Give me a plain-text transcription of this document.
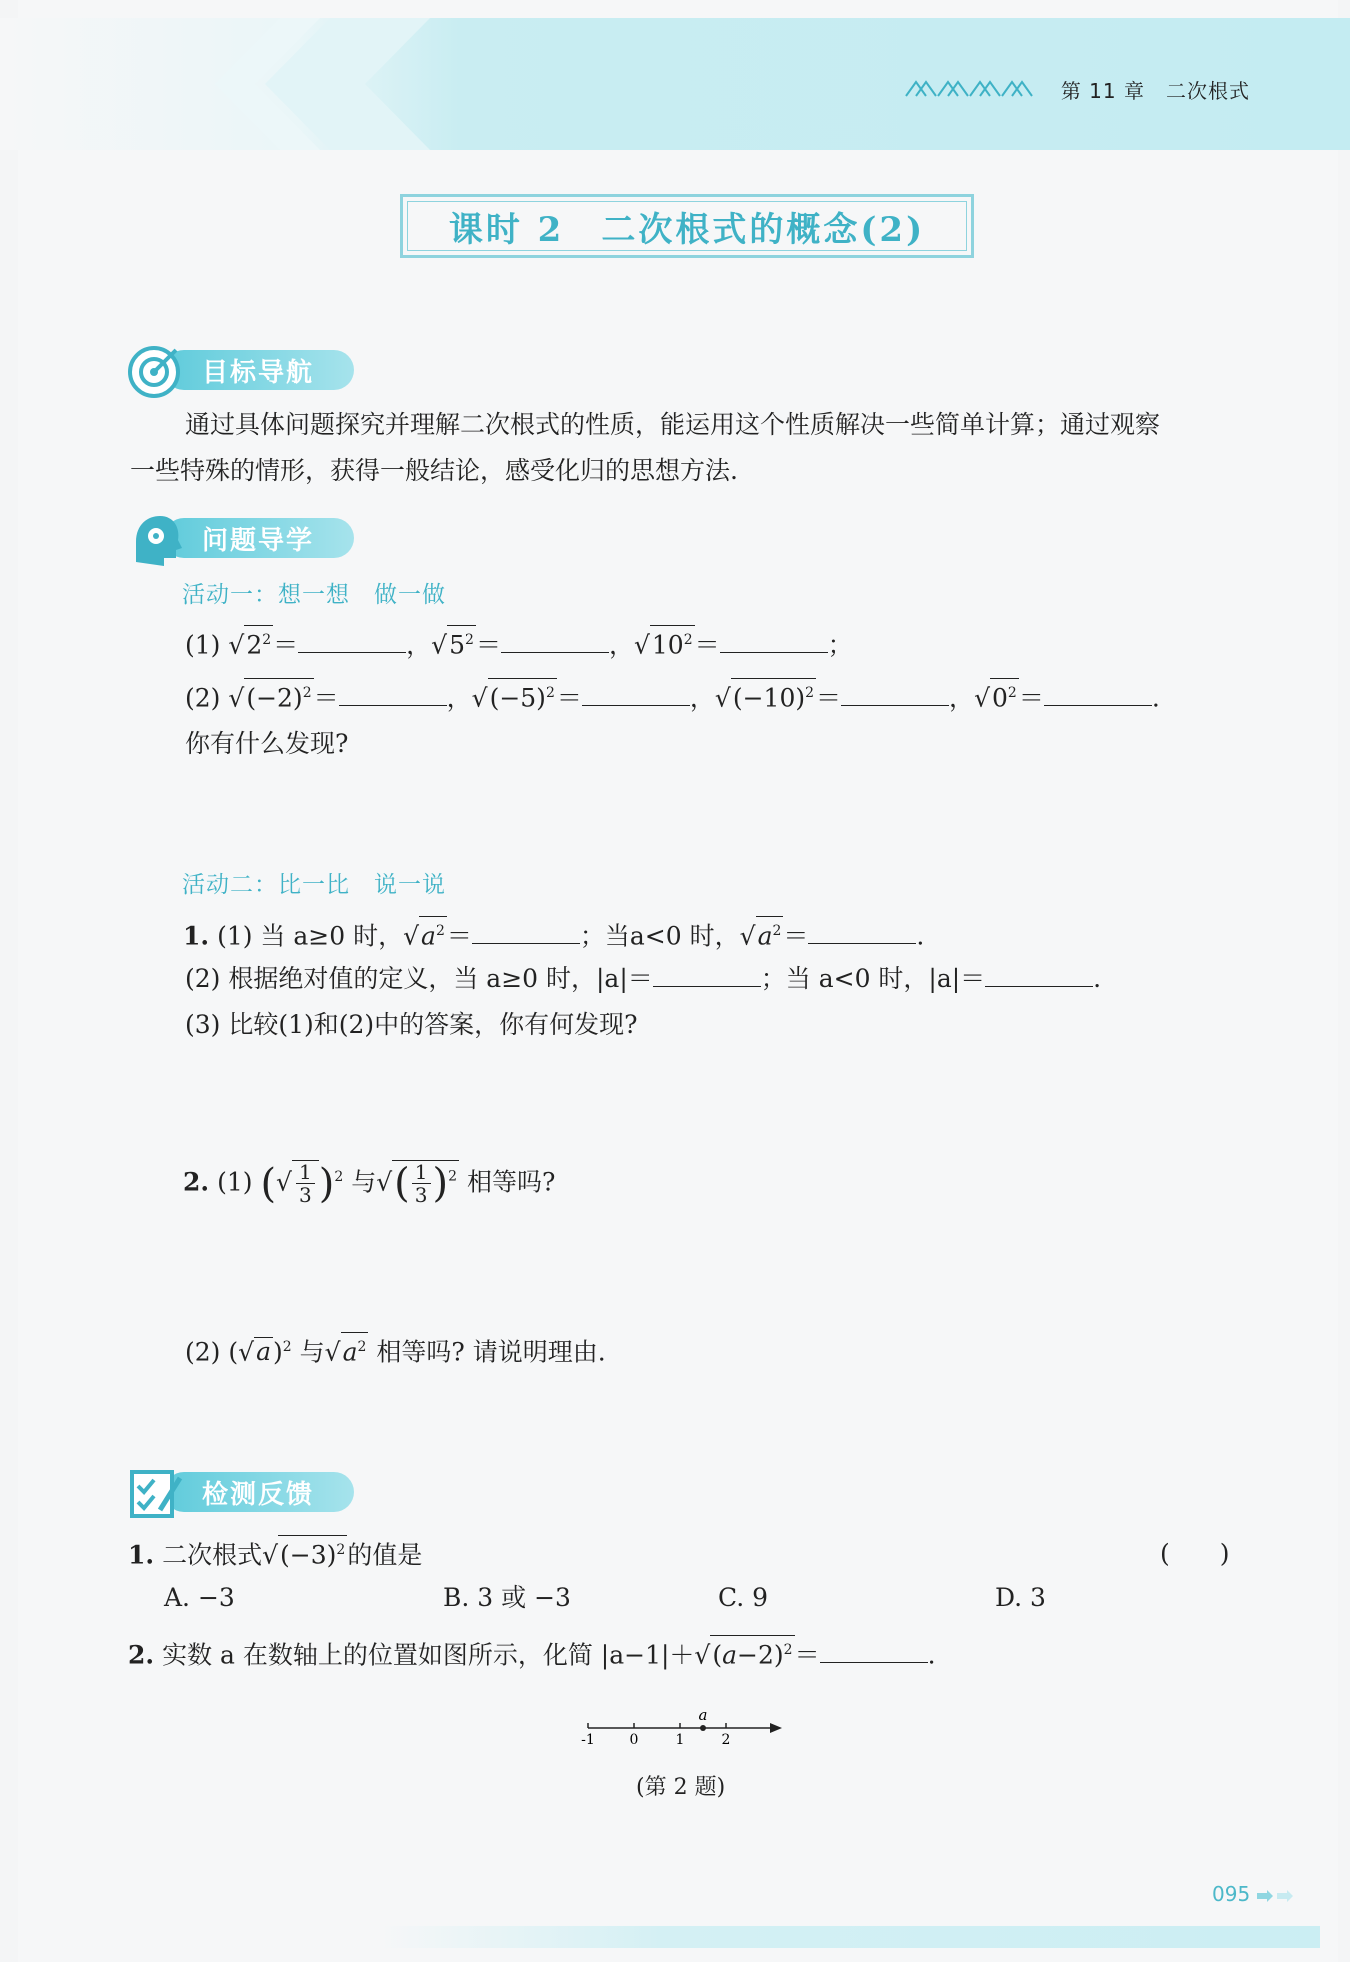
第 11 章　二次根式
课时 2　二次根式的概念(2)
目标导航
通过具体问题探究并理解二次根式的性质，能运用这个性质解决一些简单计算；通过观察
一些特殊的情形，获得一般结论，感受化归的思想方法.
问题导学
活动一：想一想　做一做
(1) $√2^2=$	，$√5^2=$	，$√10^2=$	；
(2) $√(-2)^2=$	，$√(-5)^2=$	，$√(-10)^2=$	，$√0^2=$	.
你有什么发现?
活动二：比一比　说一说
1. (1) 当 a≥0 时，$√a^2=$	；当a<0 时，$√a^2=$	.
(2) 根据绝对值的定义，当 a≥0 时，|a|＝	；当 a<0 时，|a|＝	.
(3) 比较(1)和(2)中的答案，你有何发现?
2. (1) (√ $\frac{1}{3} )^2$ 与√( $\frac{1}{3} )^2$ 相等吗?
(2) $(√a)^2$ 与$√a^2$ 相等吗? 请说明理由.
检测反馈
1. 二次根式$√(-3)^2$的值是	(　　)
A. −3	B. 3 或 −3	C. 9	D. 3
2. 实数 a 在数轴上的位置如图所示，化简 $|a-1|+√(a-2)^2=$	.
-1 0	1	2
a
(第 2 题)
095
